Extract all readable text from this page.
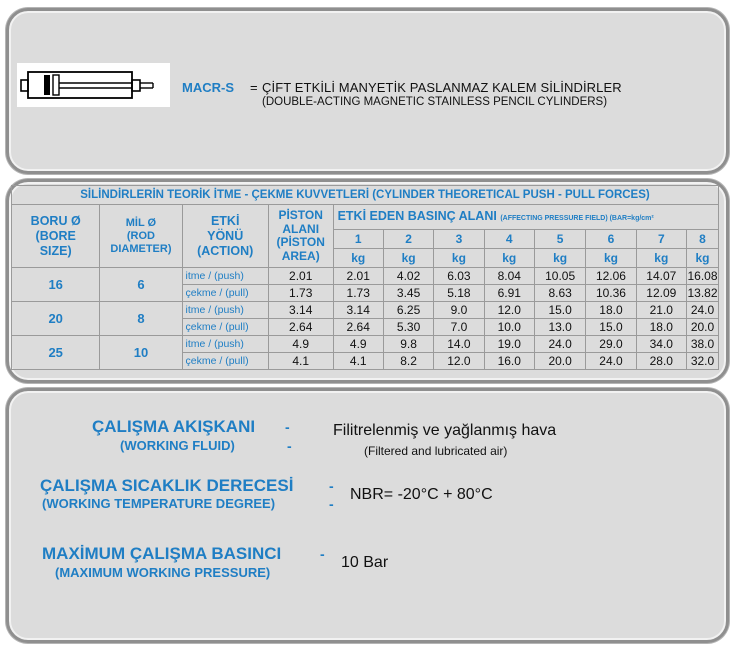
MACR-S = ÇİFT ETKİLİ MANYETİK PASLANMAZ KALEM SİLİNDİRLER
(DOUBLE-ACTING MAGNETIC STAINLESS PENCIL CYLINDERS)
SİLİNDİRLERİN TEORİK İTME - ÇEKME KUVVETLERİ (CYLINDER THEORETICAL PUSH - PULL FORCES)											
BORU Ø
(BORE
SIZE)	MİL Ø
(ROD
DIAMETER)	ETKİ
YÖNÜ
(ACTION)	PİSTON
ALANI
(PİSTON
AREA)	ETKİ EDEN BASINÇ ALANI (AFFECTING PRESSURE FIELD) (BAR=kg/cm²							
				1	2	3	4	5	6	7	8
				kg	kg	kg	kg	kg	kg	kg	kg
16	6	itme / (push)	2.01	2.01	4.02	6.03	8.04	10.05	12.06	14.07	16.08
		çekme / (pull)	1.73	1.73	3.45	5.18	6.91	8.63	10.36	12.09	13.82
20	8	itme / (push)	3.14	3.14	6.25	9.0	12.0	15.0	18.0	21.0	24.0
		çekme / (pull)	2.64	2.64	5.30	7.0	10.0	13.0	15.0	18.0	20.0
25	10	itme / (push)	4.9	4.9	9.8	14.0	19.0	24.0	29.0	34.0	38.0
		çekme / (pull)	4.1	4.1	8.2	12.0	16.0	20.0	24.0	28.0	32.0
ÇALIŞMA AKIŞKANI
(WORKING FLUID)
-
-
Filitrelenmiş ve yağlanmış hava
(Filtered and lubricated air)
ÇALIŞMA SICAKLIK DERECESİ
(WORKING TEMPERATURE DEGREE)
-
-
NBR= -20°C + 80°C
MAXİMUM ÇALIŞMA BASINCI
(MAXIMUM WORKING PRESSURE)
- 10 Bar
